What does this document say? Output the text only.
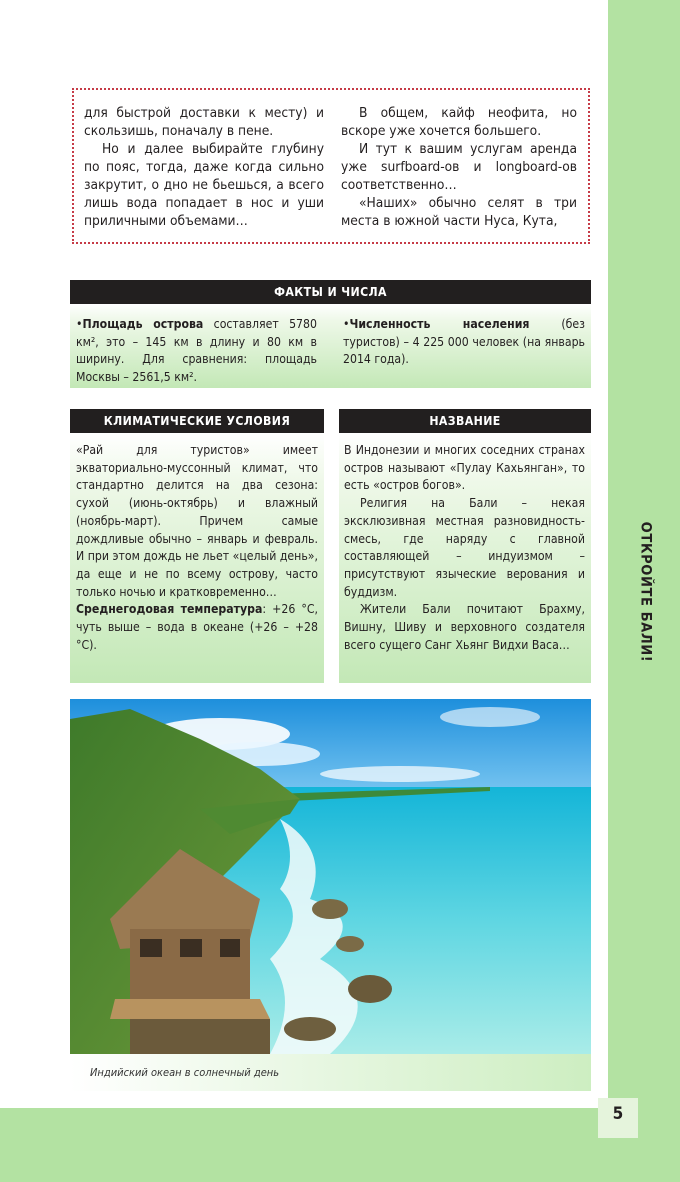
ОТКРОЙТЕ БАЛИ!
5

для быстрой доставки к месту) и скользишь, поначалу в пене.

Но и далее выбирайте глубину по пояс, тогда, даже когда сильно закрутит, о дно не бьешься, а всего лишь вода попадает в нос и уши приличными объемами…

В общем, кайф неофита, но вскоре уже хочется большего.

И тут к вашим услугам аренда уже surfboard-ов и longboard-ов соответственно…

«Наших» обычно селят в три места в южной части Нуса, Кута,

ФАКТЫ И ЧИСЛА

•Площадь острова составляет 5780 км², это – 145 км в длину и 80 км в ширину. Для сравнения: площадь Москвы – 2561,5 км².

•Численность населения (без туристов) – 4 225 000 человек (на январь 2014 года).

КЛИМАТИЧЕСКИЕ УСЛОВИЯ

«Рай для туристов» имеет экваториально-муссонный климат, что стандартно делится на два сезона: сухой (июнь-октябрь) и влажный (ноябрь-март). Причем самые дождливые обычно – январь и февраль. И при этом дождь не льет «целый день», да еще и не по всему острову, часто только ночью и кратковременно…

Среднегодовая температура: +26 °С, чуть выше – вода в океане (+26 – +28 °С).

НАЗВАНИЕ

В Индонезии и многих соседних странах остров называют «Пулау Кахьянган», то есть «остров богов».

Религия на Бали – некая эксклюзивная местная разновидность-смесь, где наряду с главной составляющей – индуизмом – присутствуют языческие верования и буддизм.

Жители Бали почитают Брахму, Вишну, Шиву и верховного создателя всего сущего Санг Хьянг Видхи Васа…

Индийский океан в солнечный день
